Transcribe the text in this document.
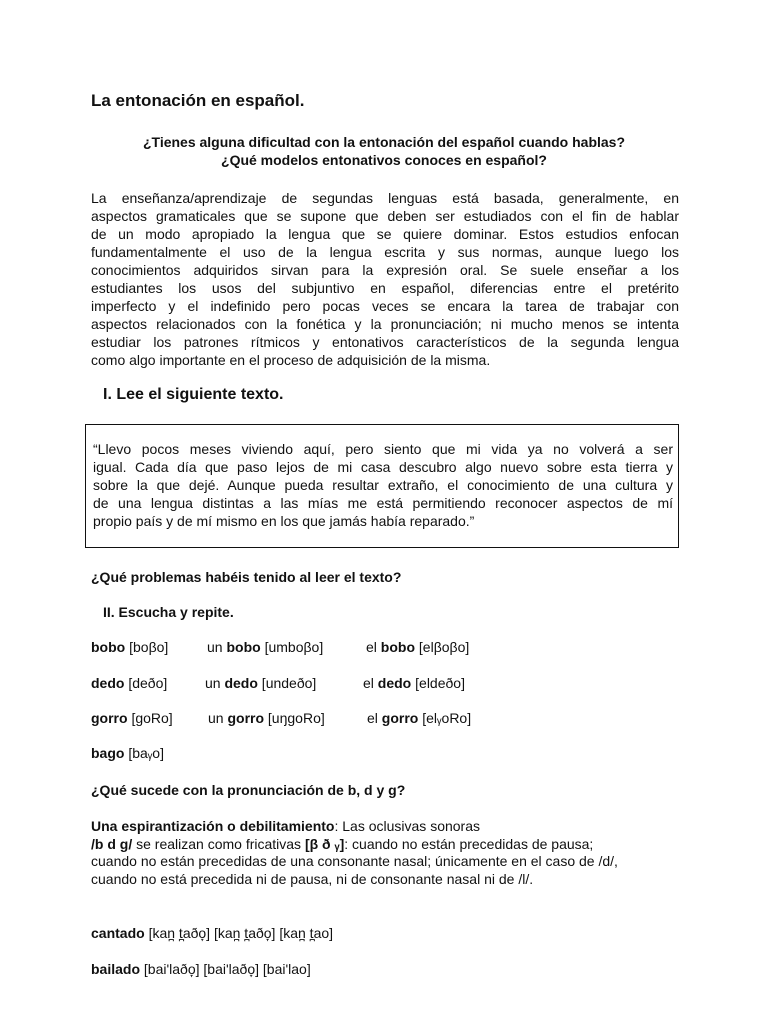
La entonación en español.
¿Tienes alguna dificultad con la entonación del español cuando hablas?
¿Qué modelos entonativos conoces en español?
La enseñanza/aprendizaje de segundas lenguas está basada, generalmente, en
aspectos gramaticales que se supone que deben ser estudiados con el fin de hablar
de un modo apropiado la lengua que se quiere dominar. Estos estudios enfocan
fundamentalmente el uso de la lengua escrita y sus normas, aunque luego los
conocimientos adquiridos sirvan para la expresión oral. Se suele enseñar a los
estudiantes los usos del subjuntivo en español, diferencias entre el pretérito
imperfecto y el indefinido pero pocas veces se encara la tarea de trabajar con
aspectos relacionados con la fonética y la pronunciación; ni mucho menos se intenta
estudiar los patrones rítmicos y entonativos característicos de la segunda lengua
como algo importante en el proceso de adquisición de la misma.
I. Lee el siguiente texto.
“Llevo pocos meses viviendo aquí, pero siento que mi vida ya no volverá a ser
igual. Cada día que paso lejos de mi casa descubro algo nuevo sobre esta tierra y
sobre la que dejé. Aunque pueda resultar extraño, el conocimiento de una cultura y
de una lengua distintas a las mías me está permitiendo reconocer aspectos de mí
propio país y de mí mismo en los que jamás había reparado.”
¿Qué problemas habéis tenido al leer el texto?
II. Escucha y repite.
bobo [boβo]	un bobo [umboβo]	el bobo [elβoβo]
dedo [deðo]	un dedo [undeðo]	el dedo [eldeðo]
gorro [goRo]	un gorro [uŋgoRo]	el gorro [elᵧoRo]
bago [baᵧo]
¿Qué sucede con la pronunciación de b, d y g?
Una espirantización o debilitamiento: Las oclusivas sonoras
/b d g/ se realizan como fricativas [β ð ᵧ]: cuando no están precedidas de pausa;
cuando no están precedidas de una consonante nasal; únicamente en el caso de /d/,
cuando no está precedida ni de pausa, ni de consonante nasal ni de /l/.
cantado [kan̪ t̪aðo̞] [kan̪ t̪aðo̞] [kan̪ t̪ao]
bailado [bai'laðo̞] [bai'laðo̞] [bai'lao]
